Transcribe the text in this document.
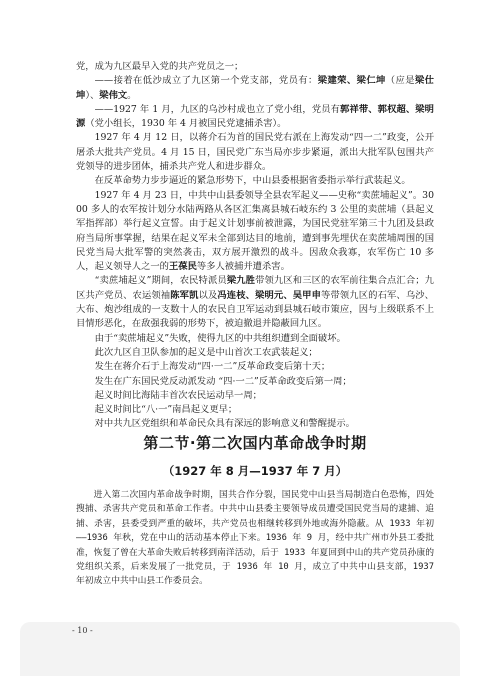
党，成为九区最早入党的共产党员之一；

——接着在低沙成立了九区第一个党支部，党员有：梁建荣、梁仁坤（应是梁仕坤）、梁伟文。

——1927 年 1 月，九区的乌沙村成也立了党小组，党员有郭祥带、郭权超、梁明源（党小组长，1930 年 4 月被国民党逮捕杀害）。

1927 年 4 月 12 日，以蒋介石为首的国民党右派在上海发动“四一二”政变，公开屠杀大批共产党员。4 月 15 日，国民党广东当局亦步步紧逼，派出大批军队包围共产党领导的进步团体，捕杀共产党人和进步群众。

在反革命势力步步逼近的紧急形势下，中山县委根据省委指示举行武装起义。

1927 年 4 月 23 日，中共中山县委领导全县农军起义——史称“卖蔗埔起义”。3000 多人的农军按计划分水陆两路从各区汇集离县城石岐东约 3 公里的卖蔗埔（县起义军指挥部）举行起义宣誓。由于起义计划事前被泄露，为国民党驻军第三十九团及县政府当局所事掌握，结果在起义军未全部到达目的地前，遭到事先埋伏在卖蔗埔周围的国民党当局大批军警的突然袭击，双方展开激烈的战斗。因敌众我寡，农军伤亡 10 多人，起义领导人之一的王葆民等多人被捕并遭杀害。

“卖蔗埔起义”期间，农民特派员梁九胜带领九区和三区的农军前往集合点汇合；九区共产党员、农运领袖陈军凯以及冯连枝、梁明元、吴甲申等带领九区的石军、乌沙、大布、炮沙组成的一支数十人的农民自卫军运动到县城石岐市策应，因与上级联系不上目情形恶化，在敌强我弱的形势下，被迫撤退并隐蔽回九区。

由于“卖蔗埔起义”失败，使得九区的中共组织遭到全面破坏。

此次九区自卫队参加的起义是中山首次工农武装起义；

发生在蒋介石于上海发动“四·一二”反革命政变后第十天；

发生在广东国民党反动派发动 “四·一二”反革命政变后第一周；

起义时间比海陆丰首次农民运动早一周；

起义时间比“八·一”南昌起义更早；

对中共九区党组织和革命民众具有深远的影响意义和警醒提示。

第二节·第二次国内革命战争时期
（1927 年 8 月—1937 年 7 月）

进入第二次国内革命战争时期，国共合作分裂，国民党中山县当局制造白色恐怖，四处搜捕、杀害共产党员和革命工作者。中共中山县委主要领导成员遭受国民党当局的逮捕、追捕、杀害，县委受到严重的破坏，共产党员也相继转移到外地或海外隐蔽。从 1933 年初——1936 年秋，党在中山的活动基本停止下来。1936 年 9 月，经中共广州市外县工委批准，恢复了曾在大革命失败后转移到南洋活动，后于 1933 年夏回到中山的共产党员孙康的党组织关系，后来发展了一批党员，于 1936 年 10 月，成立了中共中山县支部，1937 年初成立中共中山县工作委员会。

- 10 -
